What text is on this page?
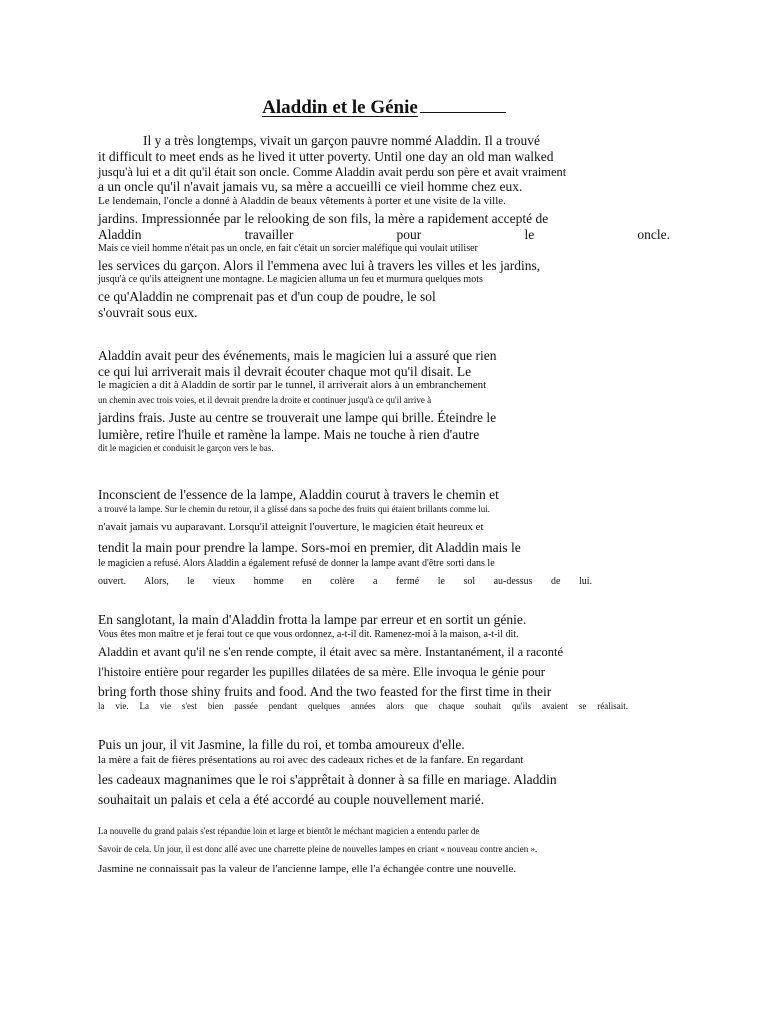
Aladdin et le Génie
Il y a très longtemps, vivait un garçon pauvre nommé Aladdin. Il a trouvé
it difficult to meet ends as he lived it utter poverty. Until one day an old man walked
jusqu'à lui et a dit qu'il était son oncle. Comme Aladdin avait perdu son père et avait vraiment
a un oncle qu'il n'avait jamais vu, sa mère a accueilli ce vieil homme chez eux.
Le lendemain, l'oncle a donné à Aladdin de beaux vêtements à porter et une visite de la ville.
jardins. Impressionnée par le relooking de son fils, la mère a rapidement accepté de
Aladdin travailler pour le oncle.
Mais ce vieil homme n'était pas un oncle, en fait c'était un sorcier maléfique qui voulait utiliser
les services du garçon. Alors il l'emmena avec lui à travers les villes et les jardins,
jusqu'à ce qu'ils atteignent une montagne. Le magicien alluma un feu et murmura quelques mots
ce qu'Aladdin ne comprenait pas et d'un coup de poudre, le sol
s'ouvrait sous eux.
Aladdin avait peur des événements, mais le magicien lui a assuré que rien
ce qui lui arriverait mais il devrait écouter chaque mot qu'il disait. Le
le magicien a dit à Aladdin de sortir par le tunnel, il arriverait alors à un embranchement
un chemin avec trois voies, et il devrait prendre la droite et continuer jusqu'à ce qu'il arrive à
jardins frais. Juste au centre se trouverait une lampe qui brille. Éteindre le
lumière, retire l'huile et ramène la lampe. Mais ne touche à rien d'autre
dit le magicien et conduisit le garçon vers le bas.
Inconscient de l'essence de la lampe, Aladdin courut à travers le chemin et
a trouvé la lampe. Sur le chemin du retour, il a glissé dans sa poche des fruits qui étaient brillants comme lui.
n'avait jamais vu auparavant. Lorsqu'il atteignit l'ouverture, le magicien était heureux et
tendit la main pour prendre la lampe. Sors-moi en premier, dit Aladdin mais le
le magicien a refusé. Alors Aladdin a également refusé de donner la lampe avant d'être sorti dans le
ouvert. Alors, le vieux homme en colère a fermé le sol au-dessus de lui.
En sanglotant, la main d'Aladdin frotta la lampe par erreur et en sortit un génie.
Vous êtes mon maître et je ferai tout ce que vous ordonnez, a-t-il dit. Ramenez-moi à la maison, a-t-il dit.
Aladdin et avant qu'il ne s'en rende compte, il était avec sa mère. Instantanément, il a raconté
l'histoire entière pour regarder les pupilles dilatées de sa mère. Elle invoqua le génie pour
bring forth those shiny fruits and food. And the two feasted for the first time in their
la vie. La vie s'est bien passée pendant quelques années alors que chaque souhait qu'ils avaient se réalisait.
Puis un jour, il vit Jasmine, la fille du roi, et tomba amoureux d'elle.
la mère a fait de fières présentations au roi avec des cadeaux riches et de la fanfare. En regardant
les cadeaux magnanimes que le roi s'apprêtait à donner à sa fille en mariage. Aladdin
souhaitait un palais et cela a été accordé au couple nouvellement marié.
La nouvelle du grand palais s'est répandue loin et large et bientôt le méchant magicien a entendu parler de
Savoir de cela. Un jour, il est donc allé avec une charrette pleine de nouvelles lampes en criant « nouveau contre ancien ».
Jasmine ne connaissait pas la valeur de l'ancienne lampe, elle l'a échangée contre une nouvelle.
